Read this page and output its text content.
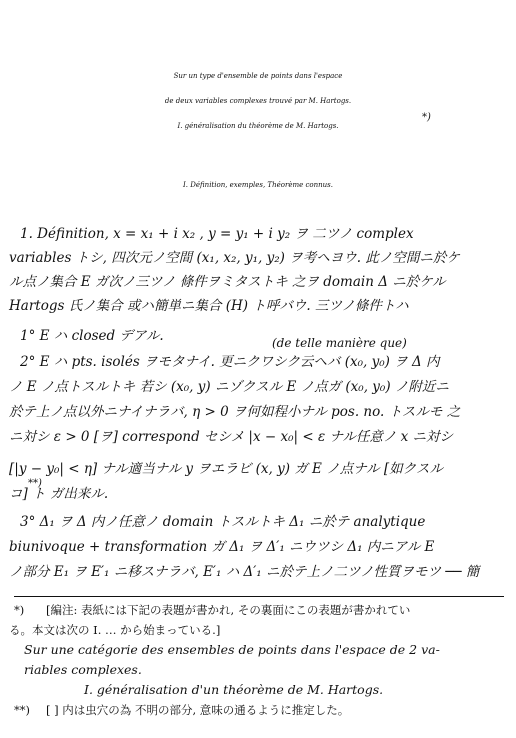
Sur un type d'ensemble de points dans l'espace
de deux variables complexes trouvé par M. Hartogs.
I. généralisation du théorème de M. Hartogs.
*)
I. Définition, exemples, Théorème connus.
1. Définition, x = x₁ + i x₂ , y = y₁ + i y₂ ヲ 二ツノ complex
variables トシ, 四次元ノ空間 (x₁, x₂, y₁, y₂) ヲ考ヘヨウ. 此ノ空間ニ於ケ
ル点ノ集合 E ガ次ノ三ツノ 條件ヲミタストキ 之ヲ domain Δ ニ於ケル
Hartogs 氏ノ集合 或ハ簡単ニ集合 (H) ト呼バウ. 三ツノ條件トハ
1° E ハ closed デアル.	(de telle manière que)
2° E ハ pts. isolés ヲモタナイ. 更ニクワシク云ヘバ (x₀, y₀) ヲ Δ 内
ノ E ノ点トスルトキ 若シ (x₀, y) ニゾクスル E ノ点ガ (x₀, y₀) ノ附近ニ
於テ上ノ点以外ニナイナラバ, η > 0 ヲ何如程小ナル pos. no. トスルモ 之
ニ対シ ε > 0 [ヲ] correspond セシメ |x − x₀| < ε ナル任意ノ x ニ対シ
[|y − y₀| < η] ナル適当ナル y ヲエラビ (x, y) ガ E ノ点ナル [如クスル
コ] ト ガ出来ル.
**)
3° Δ₁ ヲ Δ 内ノ任意ノ domain トスルトキ Δ₁ ニ於テ analytique
biunivoque + transformation ガ Δ₁ ヲ Δ′₁ ニウツシ Δ₁ 内ニアル E
ノ部分 E₁ ヲ E′₁ ニ移スナラバ, E′₁ ハ Δ′₁ ニ於テ上ノ二ツノ性質ヲモツ ── 簡
*) [編注: 表紙には下記の表題が書かれ, その裏面にこの表題が書かれてい
る。本文は次の I. … から始まっている.]
Sur une catégorie des ensembles de points dans l'espace de 2 va-
riables complexes.
I. généralisation d'un théorème de M. Hartogs.
**) [ ] 内は虫穴の為 不明の部分, 意味の通るように推定した。
